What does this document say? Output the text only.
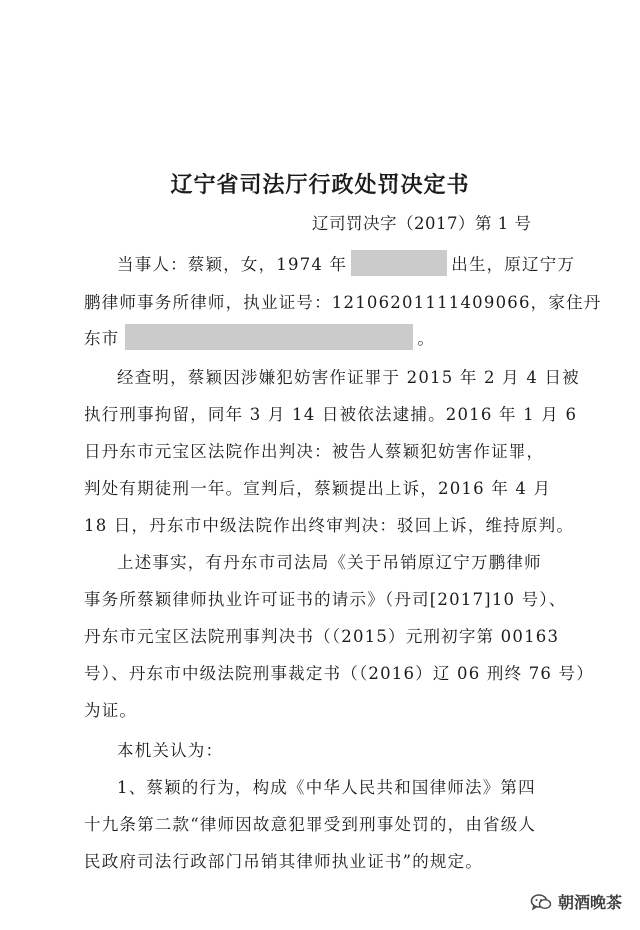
辽宁省司法厅行政处罚决定书
辽司罚决字（2017）第 1 号
当事人：蔡颖，女，1974 年	出生，原辽宁万
鹏律师事务所律师，执业证号：12106201111409066，家住丹
东市	。
经查明，蔡颖因涉嫌犯妨害作证罪于 2015 年 2 月 4 日被
执行刑事拘留，同年 3 月 14 日被依法逮捕。2016 年 1 月 6
日丹东市元宝区法院作出判决：被告人蔡颖犯妨害作证罪，
判处有期徒刑一年。宣判后，蔡颖提出上诉，2016 年 4 月
18 日，丹东市中级法院作出终审判决：驳回上诉，维持原判。
上述事实，有丹东市司法局《关于吊销原辽宁万鹏律师
事务所蔡颖律师执业许可证书的请示》（丹司[2017]10 号）、
丹东市元宝区法院刑事判决书（（2015）元刑初字第 00163
号）、丹东市中级法院刑事裁定书（（2016）辽 06 刑终 76 号）
为证。
本机关认为：
1、蔡颖的行为，构成《中华人民共和国律师法》第四
十九条第二款“律师因故意犯罪受到刑事处罚的，由省级人
民政府司法行政部门吊销其律师执业证书”的规定。
朝酒晚茶
